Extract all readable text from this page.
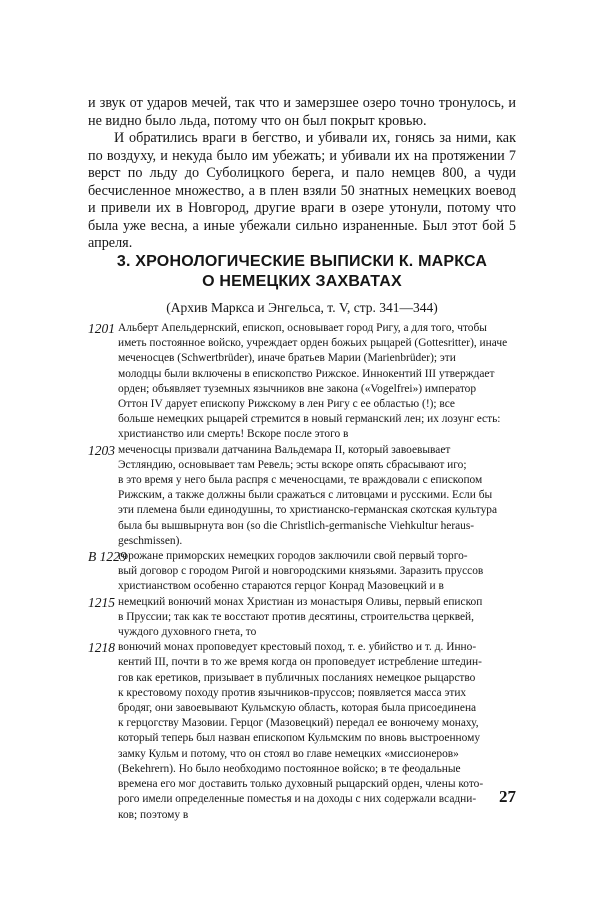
и звук от ударов мечей, так что и замерзшее озеро точно тронулось, и не видно было льда, потому что он был покрыт кровью.

И обратились враги в бегство, и убивали их, гонясь за ними, как по воздуху, и некуда было им убежать; и убивали их на протяжении 7 верст по льду до Суболицкого берега, и пало немцев 800, а чуди бесчисленное множество, а в плен взяли 50 знатных немецких воевод и привели их в Новгород, другие враги в озере утонули, потому что была уже весна, а иные убежали сильно израненные. Был этот бой 5 апреля.

3. ХРОНОЛОГИЧЕСКИЕ ВЫПИСКИ К. МАРКСА
О НЕМЕЦКИХ ЗАХВАТАХ
(Архив Маркса и Энгельса, т. V, стр. 341—344)
1201 Альберт Апельдернский, епископ, основывает город Ригу, а для того, чтобы
иметь постоянное войско, учреждает орден божьих рыцарей (Gottesritter), иначе
меченосцев (Schwertbrüder), иначе братьев Марии (Marienbrüder); эти
молодцы были включены в епископство Рижское. Иннокентий III утверждает
орден; объявляет туземных язычников вне закона («Vogelfrei») император
Оттон IV дарует епископу Рижскому в лен Ригу с ее областью (!); все
больше немецких рыцарей стремится в новый германский лен; их лозунг есть:
христианство или смерть! Вскоре после этого в
1203 меченосцы призвали датчанина Вальдемара II, который завоевывает
Эстляндию, основывает там Ревель; эсты вскоре опять сбрасывают иго;
в это время у него была распря с меченосцами, те враждовали с епископом
Рижским, а также должны были сражаться с литовцами и русскими. Если бы
эти племена были единодушны, то христианско-германская скотская культура
была бы вышвырнута вон (so die Christlich-germanische Viehkultur heraus-
geschmissen).
В 1229
горожане приморских немецких городов заключили свой первый торго-
вый договор с городом Ригой и новгородскими князьями. Заразить пруссов
христианством особенно стараются герцог Конрад Мазовецкий и в
1215 немецкий вонючий монах Христиан из монастыря Оливы, первый епископ
в Пруссии; так как те восстают против десятины, строительства церквей,
чуждого духовного гнета, то
1218 вонючий монах проповедует крестовый поход, т. е. убийство и т. д. Инно-
кентий III, почти в то же время когда он проповедует истребление штедин-
гов как еретиков, призывает в публичных посланиях немецкое рыцарство
к крестовому походу против язычников-пруссов; появляется масса этих
бродяг, они завоевывают Кульмскую область, которая была присоединена
к герцогству Мазовии. Герцог (Мазовецкий) передал ее вонючему монаху,
который теперь был назван епископом Кульмским по вновь выстроенному
замку Кульм и потому, что он стоял во главе немецких «миссионеров»
(Bekehrern). Но было необходимо постоянное войско; в те феодальные
времена его мог доставить только духовный рыцарский орден, члены кото-
рого имели определенные поместья и на доходы с них содержали всадни-
ков; поэтому в
27
